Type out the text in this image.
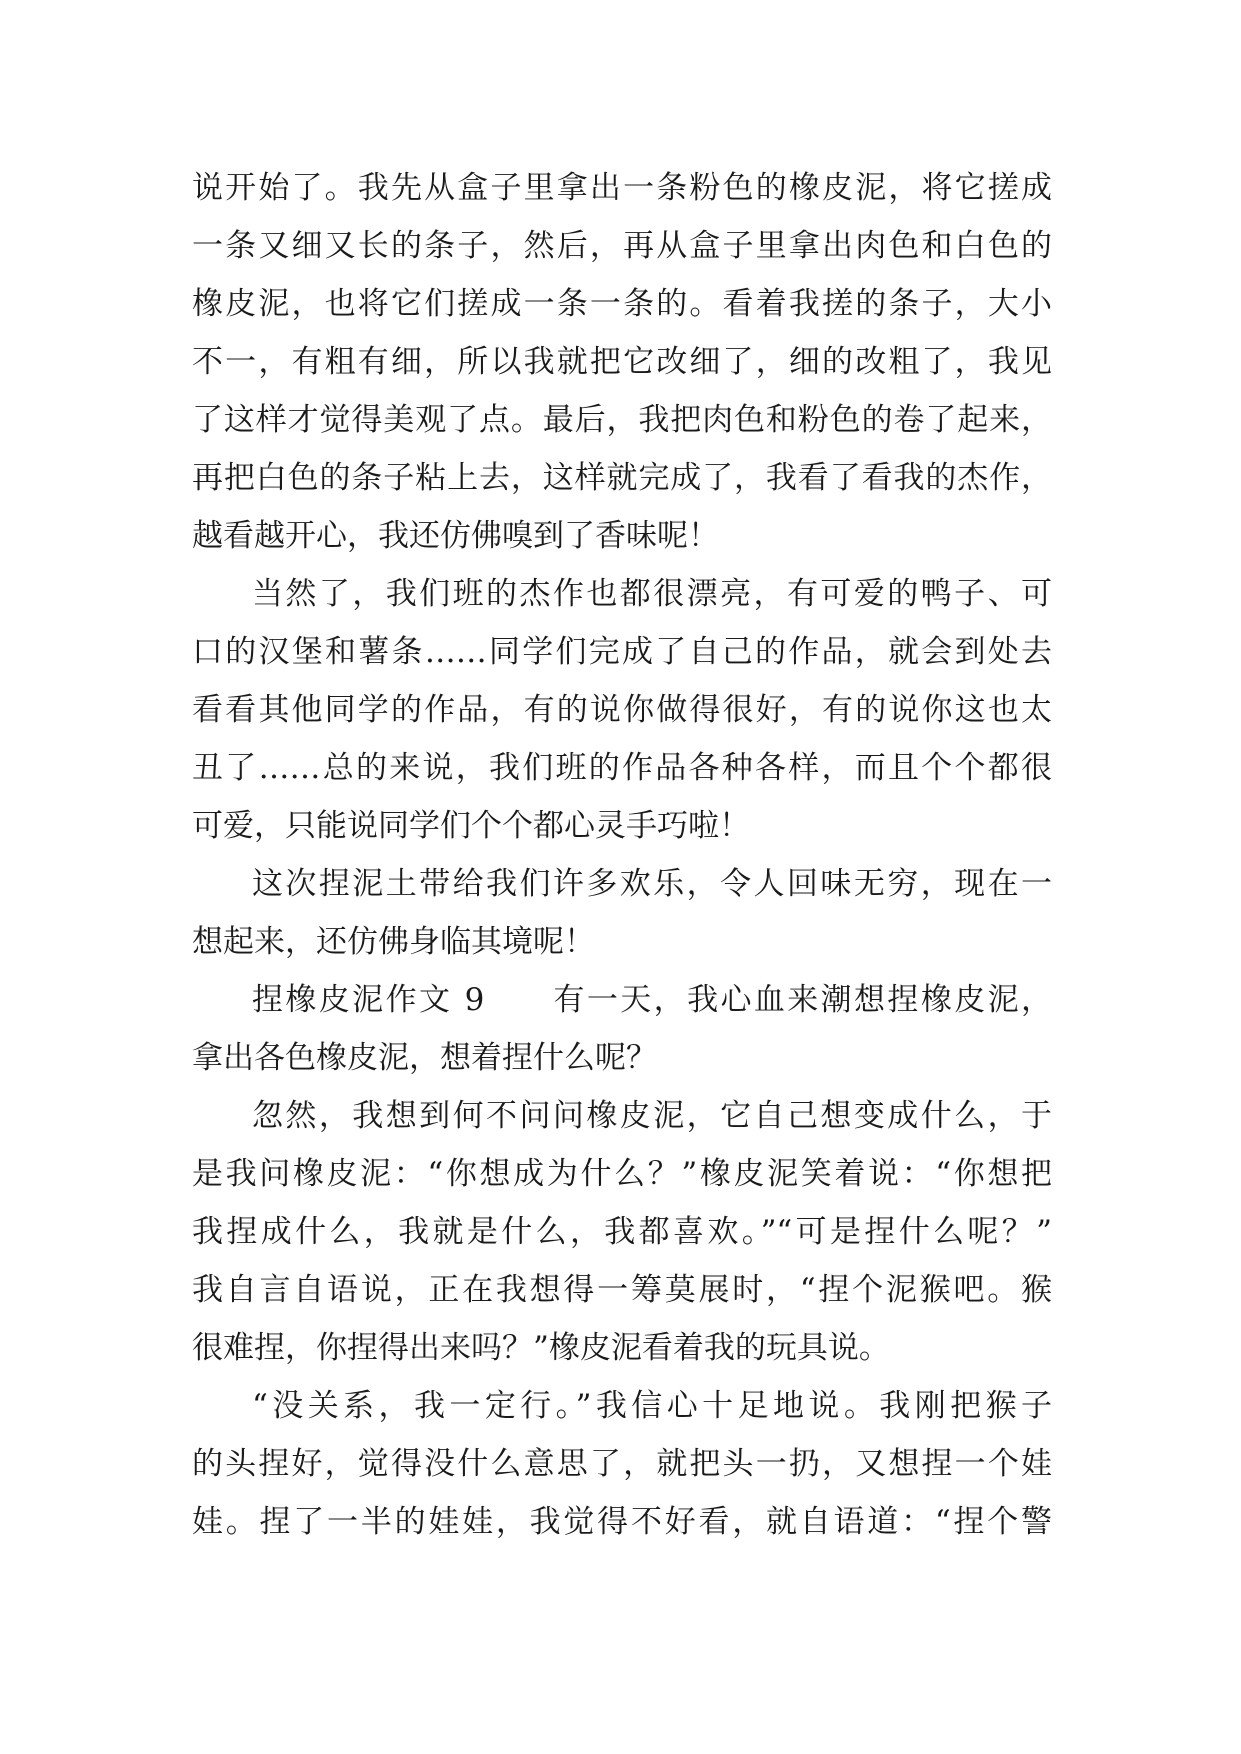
说开始了。我先从盒子里拿出一条粉色的橡皮泥，将它搓成
一条又细又长的条子，然后，再从盒子里拿出肉色和白色的
橡皮泥，也将它们搓成一条一条的。看着我搓的条子，大小
不一，有粗有细，所以我就把它改细了，细的改粗了，我见
了这样才觉得美观了点。最后，我把肉色和粉色的卷了起来，
再把白色的条子粘上去，这样就完成了，我看了看我的杰作，
越看越开心，我还仿佛嗅到了香味呢！
当然了，我们班的杰作也都很漂亮，有可爱的鸭子、可
口的汉堡和薯条……同学们完成了自己的作品，就会到处去
看看其他同学的作品，有的说你做得很好，有的说你这也太
丑了……总的来说，我们班的作品各种各样，而且个个都很
可爱，只能说同学们个个都心灵手巧啦！
这次捏泥土带给我们许多欢乐，令人回味无穷，现在一
想起来，还仿佛身临其境呢！
捏橡皮泥作文 9　　有一天，我心血来潮想捏橡皮泥，
拿出各色橡皮泥，想着捏什么呢？
忽然，我想到何不问问橡皮泥，它自己想变成什么，于
是我问橡皮泥：“你想成为什么？”橡皮泥笑着说：“你想把
我捏成什么，我就是什么，我都喜欢。”“可是捏什么呢？”
我自言自语说，正在我想得一筹莫展时，“捏个泥猴吧。猴
很难捏，你捏得出来吗？”橡皮泥看着我的玩具说。
“没关系，我一定行。”我信心十足地说。我刚把猴子
的头捏好，觉得没什么意思了，就把头一扔，又想捏一个娃
娃。捏了一半的娃娃，我觉得不好看，就自语道：“捏个警
